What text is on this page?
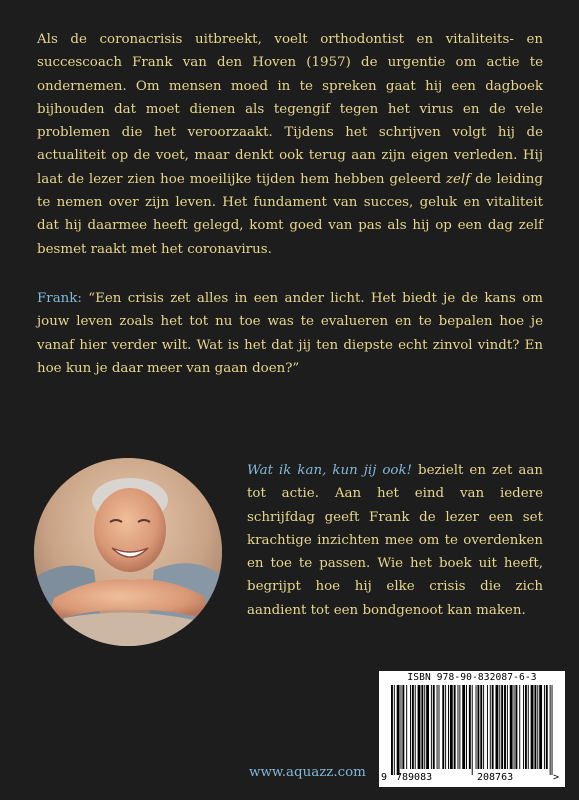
Als de coronacrisis uitbreekt, voelt orthodontist en vitaliteits- en succescoach Frank van den Hoven (1957) de urgentie om actie te ondernemen. Om mensen moed in te spreken gaat hij een dagboek bijhouden dat moet dienen als tegengif tegen het virus en de vele problemen die het veroorzaakt. Tijdens het schrijven volgt hij de actualiteit op de voet, maar denkt ook terug aan zijn eigen verleden. Hij laat de lezer zien hoe moeilijke tijden hem hebben geleerd zelf de leiding te nemen over zijn leven. Het fundament van succes, geluk en vitaliteit dat hij daarmee heeft gelegd, komt goed van pas als hij op een dag zelf besmet raakt met het coronavirus.

Frank: “Een crisis zet alles in een ander licht. Het biedt je de kans om jouw leven zoals het tot nu toe was te evalueren en te bepalen hoe je vanaf hier verder wilt. Wat is het dat jij ten diepste echt zinvol vindt? En hoe kun je daar meer van gaan doen?”

Wat ik kan, kun jij ook! bezielt en zet aan tot actie. Aan het eind van iedere schrijfdag geeft Frank de lezer een set krachtige inzichten mee om te overdenken en toe te passen. Wie het boek uit heeft, begrijpt hoe hij elke crisis die zich aandient tot een bondgenoot kan maken.

ISBN 978-90-832087-6-3
9 789083	208763	>
www.aquazz.com
